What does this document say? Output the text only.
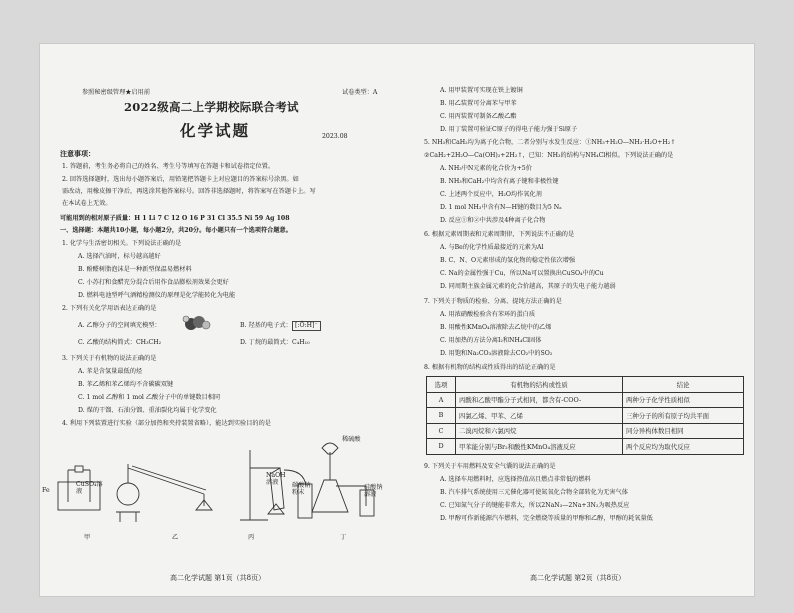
参照秘密级管理★启用前	试卷类型：A
2022级高二上学期校际联合考试
化学试题	2023.08
注意事项：
1. 答题前，考生务必将自己的姓名、考生号等填写在答题卡和试卷指定位置。
2. 回答选择题时，选出每小题答案后，用铅笔把答题卡上对应题目的答案标号涂黑。如
需改动，用橡皮擦干净后，再选涂其他答案标号。回答非选择题时，将答案写在答题卡上。写
在本试卷上无效。
可能用到的相对原子质量：H 1 Li 7 C 12 O 16 P 31 Cl 35.5 Ni 59 Ag 108
一、选择题：本题共10小题，每小题2分，共20分。每小题只有一个选项符合题意。
1. 化学与生活密切相关。下列说法正确的是
A. 选择汽油时，标号越高越好
B. 酚醛树脂泡沫是一种新型保温易燃材料
C. 小苏打和食醋充分混合后用作食品膨松剂效果会更好
D. 燃料电池型呼气酒精检测仪的原理是化学能转化为电能
2. 下列有关化学用语表达正确的是
A. 乙醇分子的空间填充模型：	B. 羟基的电子式： [:Ö:H]⁻
C. 乙酸的结构简式：CH₃CH₂	D. 丁烷的最简式：C₄H₁₀
3. 下列关于有机物的说法正确的是
A. 苯是含氢量最低的烃
B. 苯乙烯和苯乙烯均不含碳碳双键
C. 1 mol 乙醇和 1 mol 乙酸分子中的单键数目相同
D. 煤的干馏、石油分馏、重油裂化均属于化学变化
4. 利用下列装置进行实验（部分加热和夹持装置省略），能达到实验目的的是
Fe
CuSO₄溶液
NaOH溶液	碳酸钠粉末
稀硫酸
硅酸钠溶液
甲	乙	丙	丁
高二化学试题 第1页（共8页）
A. 用甲装置可实现在铁上镀铜
B. 用乙装置可分离苯与甲苯
C. 用丙装置可制备乙酸乙酯
D. 用丁装置可验证C原子的得电子能力强于Si原子
5. NH₃和CaH₂均为离子化合物，二者分别与水发生反应：①NH₃+H₂O—NH₃·H₂O+H₂↑
②CaH₂+2H₂O—Ca(OH)₂+2H₂↑，已知：NH₃的结构与NH₄Cl相似。下列说法正确的是
A. NH₃中N元素的化合价为+5价
B. NH₃和CaH₂中均含有离子键和非极性键
C. 上述两个反应中，H₂O均作氧化剂
D. 1 mol NH₃中含有N—H键的数目为5 Nₐ
D. 反应①和②中共涉及4种离子化合物
6. 根据元素周期表和元素周期律，下列说法不正确的是
A. 与Be的化学性质最接近的元素为Al
B. C、N、O元素形成的氢化物的稳定性依次增强
C. Na的金属性强于Cu，所以Na可以置换出CuSO₄中的Cu
D. 同周期主族金属元素的化合价越高，其原子的失电子能力越弱
7. 下列关于物质的检验、分离、提纯方法正确的是
A. 用浓硝酸检验含有苯环的蛋白质
B. 用酸性KMnO₄溶液除去乙烷中的乙烯
C. 用加热的方法分离I₂和NH₄Cl固体
D. 用饱和Na₂CO₃溶液除去CO₂中的SO₂
8. 根据有机物的结构或性质得出的结论正确的是
选项	有机物的结构或性质	结论
A	丙酸和乙酸甲酯分子式相同，都含有-COO-	两种分子化学性质相似
B	四氯乙烯、甲苯、乙烯	三种分子的所有原子均共平面
C	二溴丙烷和六氯丙烷	同分异构体数目相同
D	甲苯能分别与Br₂和酸性KMnO₄溶液反应	两个反应均为取代反应
9. 下列关于车用燃料及安全气囊的说法正确的是
A. 选择车用燃料时，应选择热值高且燃点非常低的燃料
B. 汽车排气系统使用三元催化器可使氮氧化合物全部转化为无害气体
C. 已知氮气分子的键能非常大，所以2NaN₃—2Na+3N₂为吸热反应
D. 甲醇可作新能源汽车燃料，完全燃烧等质量的甲醇和乙醇，甲醇的耗氧量低
高二化学试题 第2页（共8页）
